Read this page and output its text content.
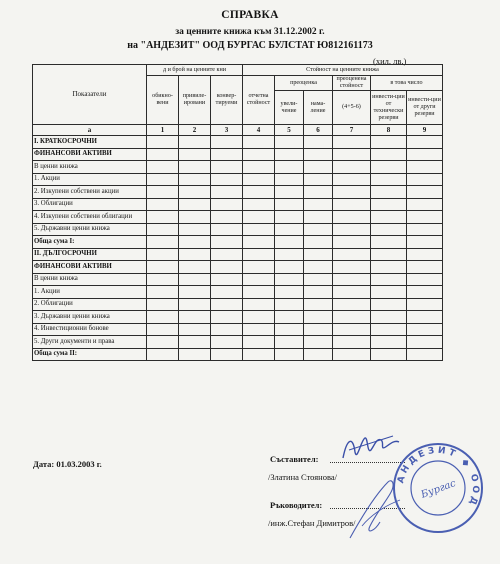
СПРАВКА
за ценните книжа към 31.12.2002 г.
на "АНДЕЗИТ" ООД БУРГАС БУЛСТАТ Ю812161173
(хил. лв.)
Показатели	д и брой на ценните кни			Стойност на ценните книжа					
	обикно-вени	привиле-ировани	конвер-тируеми	отчетна стойност	преоценка		преоценена стойност	в това число	
					увели-чение	нама-ление	(4+5-6)	инвести-ции от технически резерви	инвести-ции от други резерви

а	1	2	3	4	5	6	7	8	9
I. КРАТКОСРОЧНИ									
ФИНАНСОВИ АКТИВИ									
В ценни книжа									
1. Акции									
2. Изкупени собствени акции									
3. Облигации									
4. Изкупени собствени облигации									
5. Държавни ценни книжа									
Обща сума I:									
II. ДЪЛГОСРОЧНИ									
ФИНАНСОВИ АКТИВИ									
В ценни книжа									
1. Акции									
2. Облигации									
3. Държавни ценни книжа									
4. Инвестиционни бонове									
5. Други документи и права									
Обща сума II:									
Дата: 01.03.2003 г.	Съставител:
/Златина Стоянова/
Ръководител:
/инж.Стефан Димитров/
АНДЕЗИТ ◆ ООД
Бургас
